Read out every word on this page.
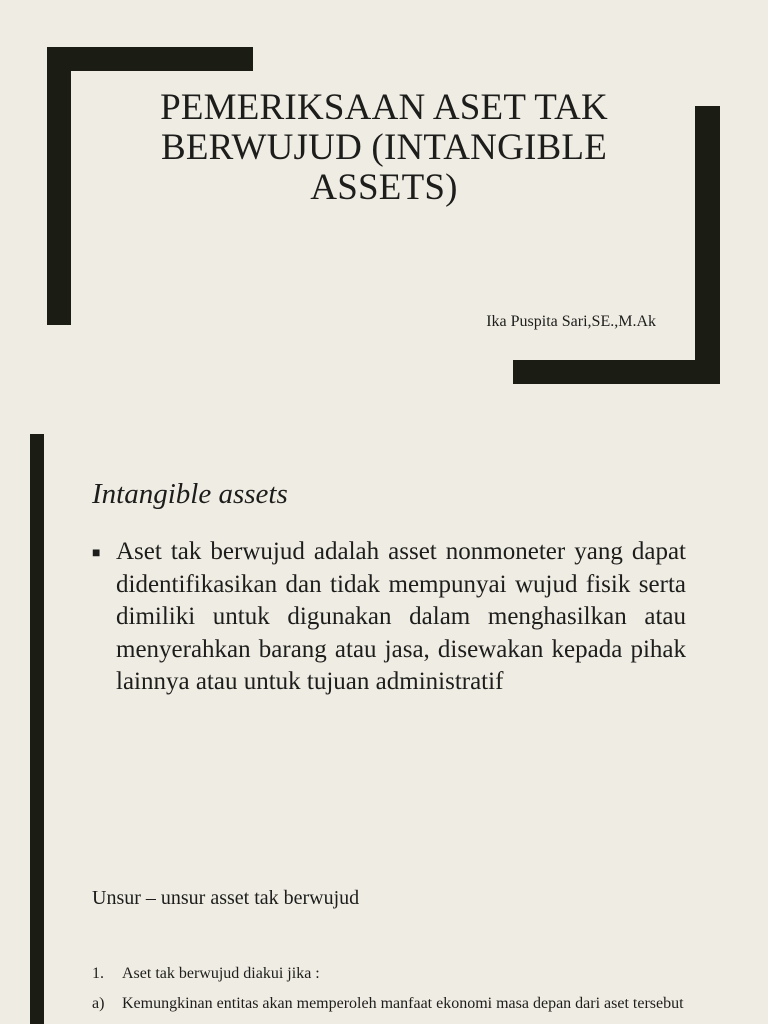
PEMERIKSAAN ASET TAK BERWUJUD (INTANGIBLE ASSETS)

Ika Puspita Sari,SE.,M.Ak

Intangible assets
■ Aset tak berwujud adalah asset nonmoneter yang dapat didentifikasikan dan tidak mempunyai wujud fisik serta dimiliki untuk digunakan dalam menghasilkan atau menyerahkan barang atau jasa, disewakan kepada pihak lainnya atau untuk tujuan administratif

Unsur – unsur asset tak berwujud
1.	Aset tak berwujud diakui jika :
a)	Kemungkinan entitas akan memperoleh manfaat ekonomi masa depan dari aset tersebut
